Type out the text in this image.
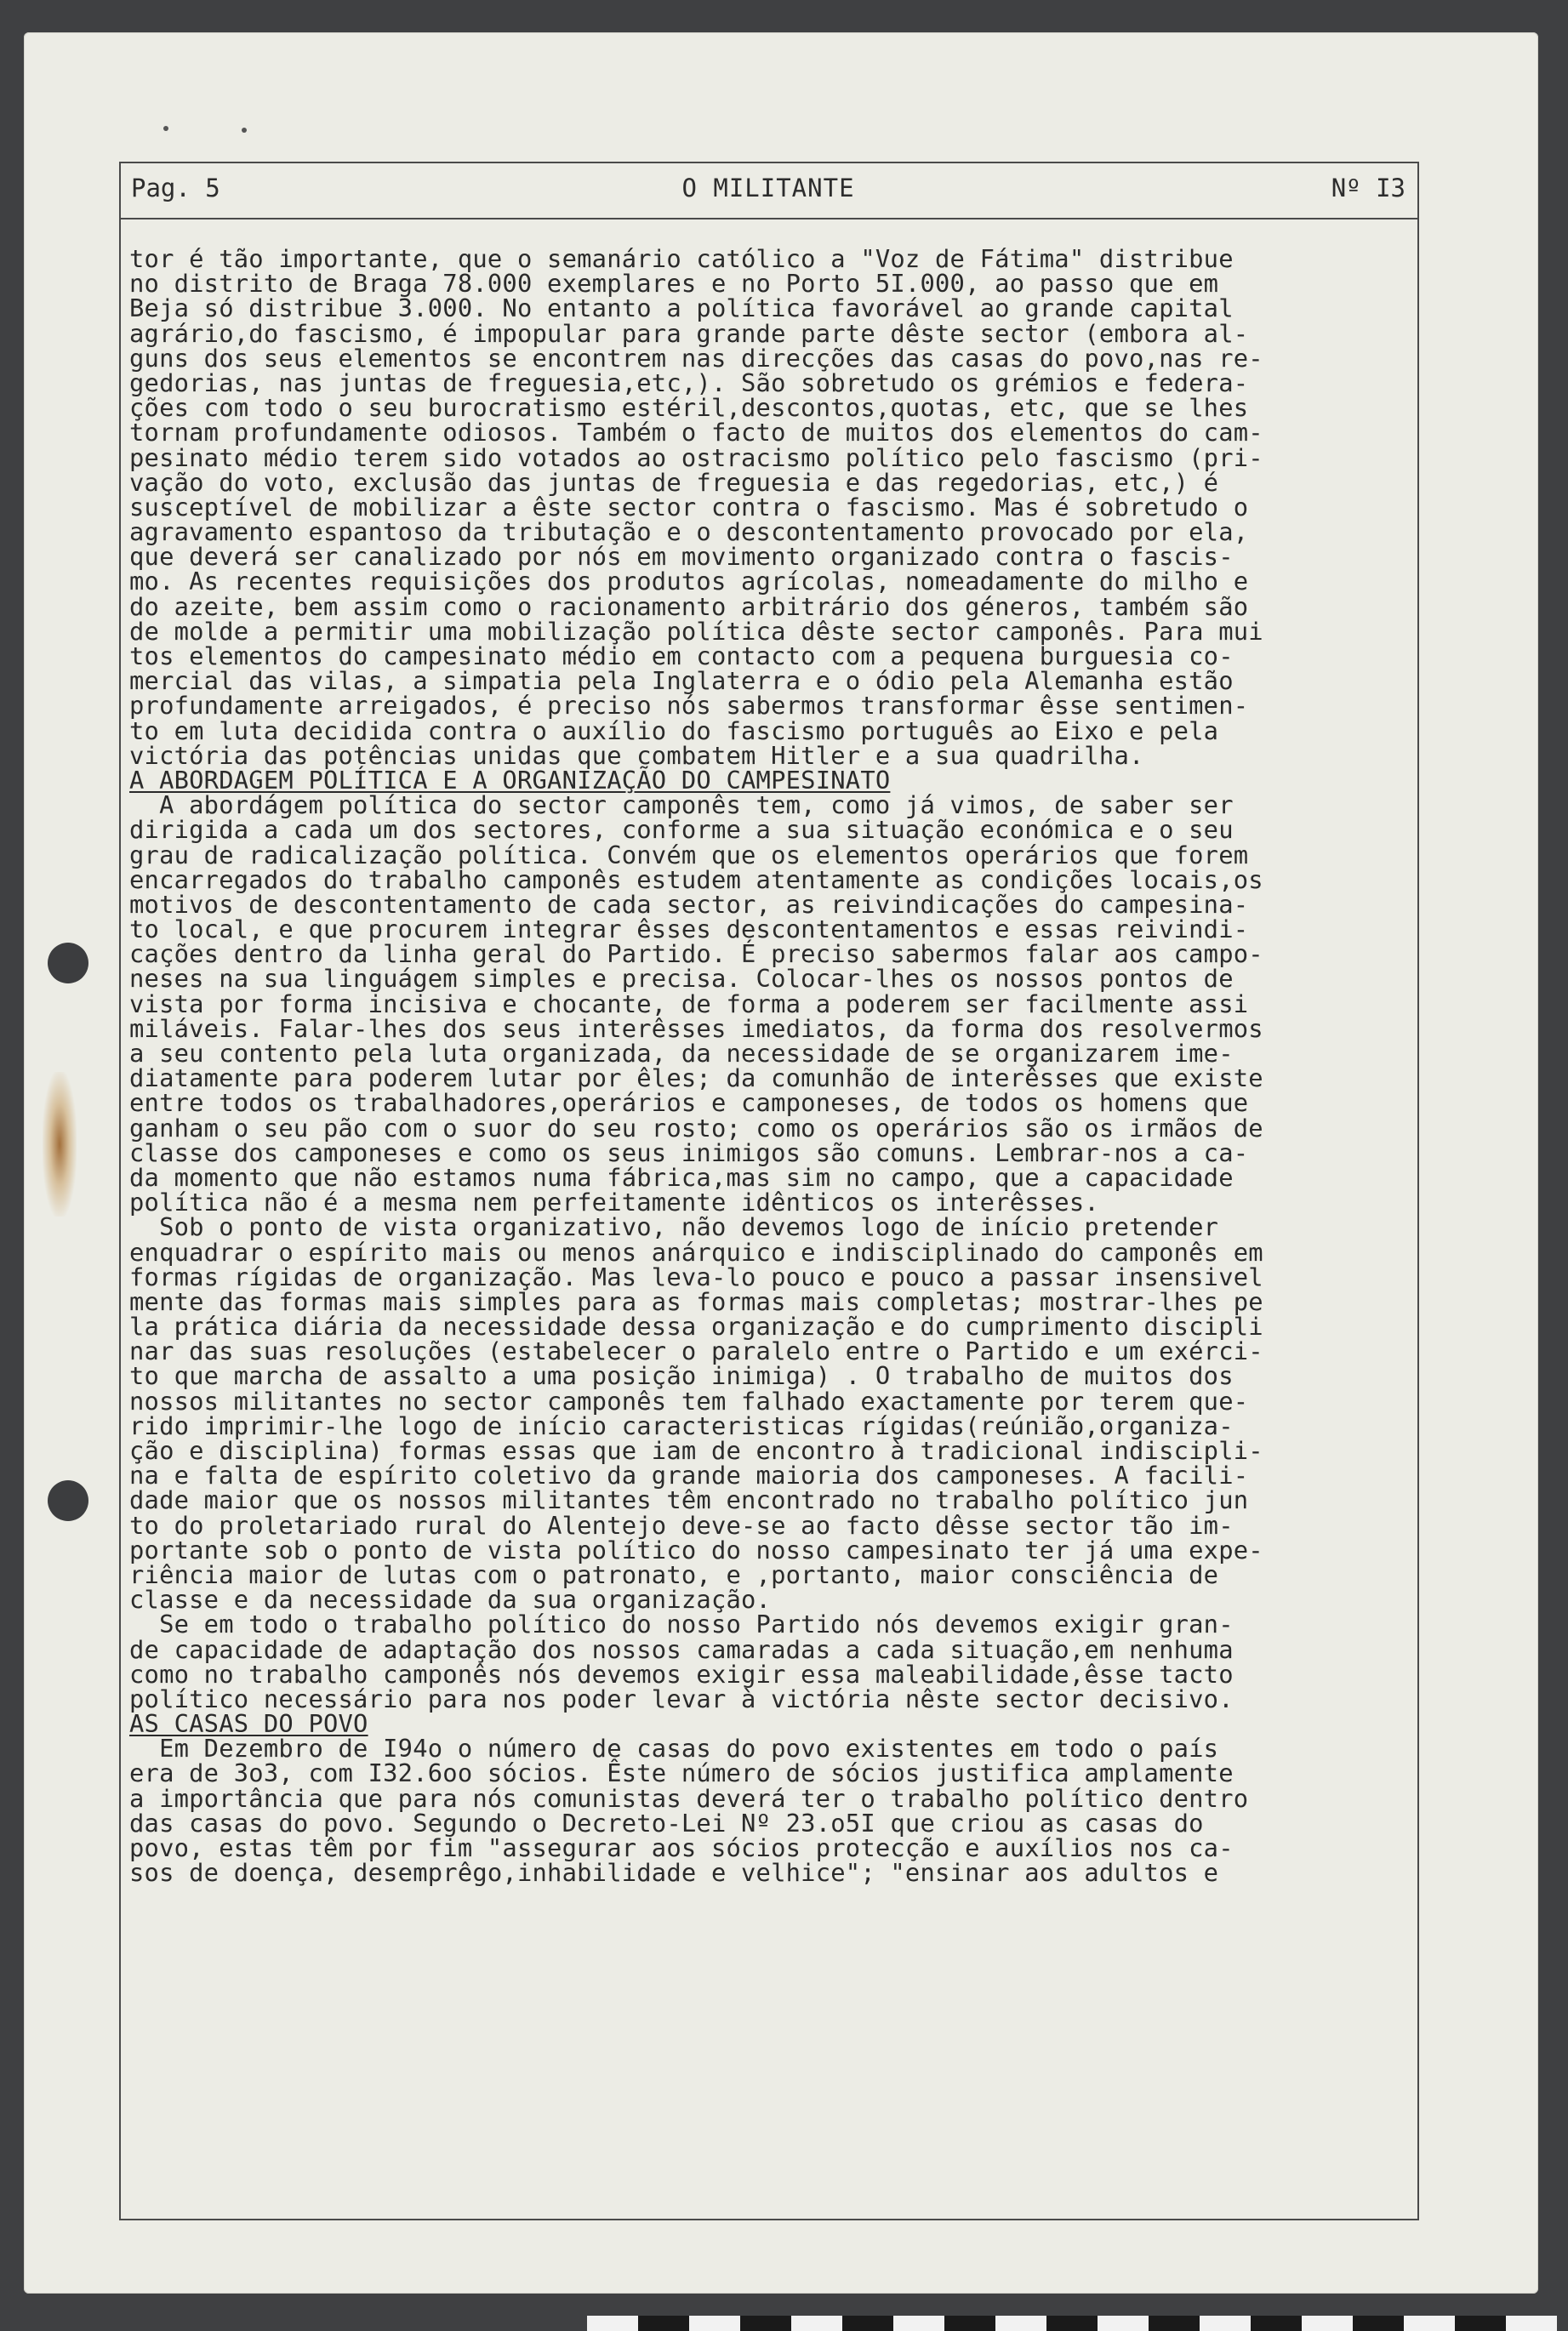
Pag. 5	O MILITANTE	Nº I3
tor é tão importante, que o semanário católico a "Voz de Fátima" distribue
no distrito de Braga 78.000 exemplares e no Porto 5I.000, ao passo que em
Beja só distribue 3.000. No entanto a política favorável ao grande capital
agrário,do fascismo, é impopular para grande parte dêste sector (embora al-
guns dos seus elementos se encontrem nas direcções das casas do povo,nas re-
gedorias, nas juntas de freguesia,etc,). São sobretudo os grémios e federa-
ções com todo o seu burocratismo estéril,descontos,quotas, etc, que se lhes
tornam profundamente odiosos. Também o facto de muitos dos elementos do cam-
pesinato médio terem sido votados ao ostracismo político pelo fascismo (pri-
vação do voto, exclusão das juntas de freguesia e das regedorias, etc,) é
susceptível de mobilizar a êste sector contra o fascismo. Mas é sobretudo o
agravamento espantoso da tributação e o descontentamento provocado por ela,
que deverá ser canalizado por nós em movimento organizado contra o fascis-
mo. As recentes requisições dos produtos agrícolas, nomeadamente do milho e
do azeite, bem assim como o racionamento arbitrário dos géneros, também são
de molde a permitir uma mobilização política dêste sector camponês. Para mui
tos elementos do campesinato médio em contacto com a pequena burguesia co-
mercial das vilas, a simpatia pela Inglaterra e o ódio pela Alemanha estão
profundamente arreigados, é preciso nós sabermos transformar êsse sentimen-
to em luta decidida contra o auxílio do fascismo português ao Eixo e pela
victória das potências unidas que combatem Hitler e a sua quadrilha.
A ABORDAGEM POLÍTICA E A ORGANIZAÇÃO DO CAMPESINATO
A abordágem política do sector camponês tem, como já vimos, de saber ser
dirigida a cada um dos sectores, conforme a sua situação económica e o seu
grau de radicalização política. Convém que os elementos operários que forem
encarregados do trabalho camponês estudem atentamente as condições locais,os
motivos de descontentamento de cada sector, as reivindicações do campesina-
to local, e que procurem integrar êsses descontentamentos e essas reivindi-
cações dentro da linha geral do Partido. É preciso sabermos falar aos campo-
neses na sua linguágem simples e precisa. Colocar-lhes os nossos pontos de
vista por forma incisiva e chocante, de forma a poderem ser facilmente assi
miláveis. Falar-lhes dos seus interêsses imediatos, da forma dos resolvermos
a seu contento pela luta organizada, da necessidade de se organizarem ime-
diatamente para poderem lutar por êles; da comunhão de interêsses que existe
entre todos os trabalhadores,operários e camponeses, de todos os homens que
ganham o seu pão com o suor do seu rosto; como os operários são os irmãos de
classe dos camponeses e como os seus inimigos são comuns. Lembrar-nos a ca-
da momento que não estamos numa fábrica,mas sim no campo, que a capacidade
política não é a mesma nem perfeitamente idênticos os interêsses.
Sob o ponto de vista organizativo, não devemos logo de início pretender
enquadrar o espírito mais ou menos anárquico e indisciplinado do camponês em
formas rígidas de organização. Mas leva-lo pouco e pouco a passar insensivel
mente das formas mais simples para as formas mais completas; mostrar-lhes pe
la prática diária da necessidade dessa organização e do cumprimento discipli
nar das suas resoluções (estabelecer o paralelo entre o Partido e um exérci-
to que marcha de assalto a uma posição inimiga) . O trabalho de muitos dos
nossos militantes no sector camponês tem falhado exactamente por terem que-
rido imprimir-lhe logo de início caracteristicas rígidas(reúnião,organiza-
ção e disciplina) formas essas que iam de encontro à tradicional indiscipli-
na e falta de espírito coletivo da grande maioria dos camponeses. A facili-
dade maior que os nossos militantes têm encontrado no trabalho político jun
to do proletariado rural do Alentejo deve-se ao facto dêsse sector tão im-
portante sob o ponto de vista político do nosso campesinato ter já uma expe-
riência maior de lutas com o patronato, e ,portanto, maior consciência de
classe e da necessidade da sua organização.
Se em todo o trabalho político do nosso Partido nós devemos exigir gran-
de capacidade de adaptação dos nossos camaradas a cada situação,em nenhuma
como no trabalho camponês nós devemos exigir essa maleabilidade,êsse tacto
político necessário para nos poder levar à victória nêste sector decisivo.
AS CASAS DO POVO
Em Dezembro de I94o o número de casas do povo existentes em todo o país
era de 3o3, com I32.6oo sócios. Êste número de sócios justifica amplamente
a importância que para nós comunistas deverá ter o trabalho político dentro
das casas do povo. Segundo o Decreto-Lei Nº 23.o5I que criou as casas do
povo, estas têm por fim "assegurar aos sócios protecção e auxílios nos ca-
sos de doença, desemprêgo,inhabilidade e velhice"; "ensinar aos adultos e
